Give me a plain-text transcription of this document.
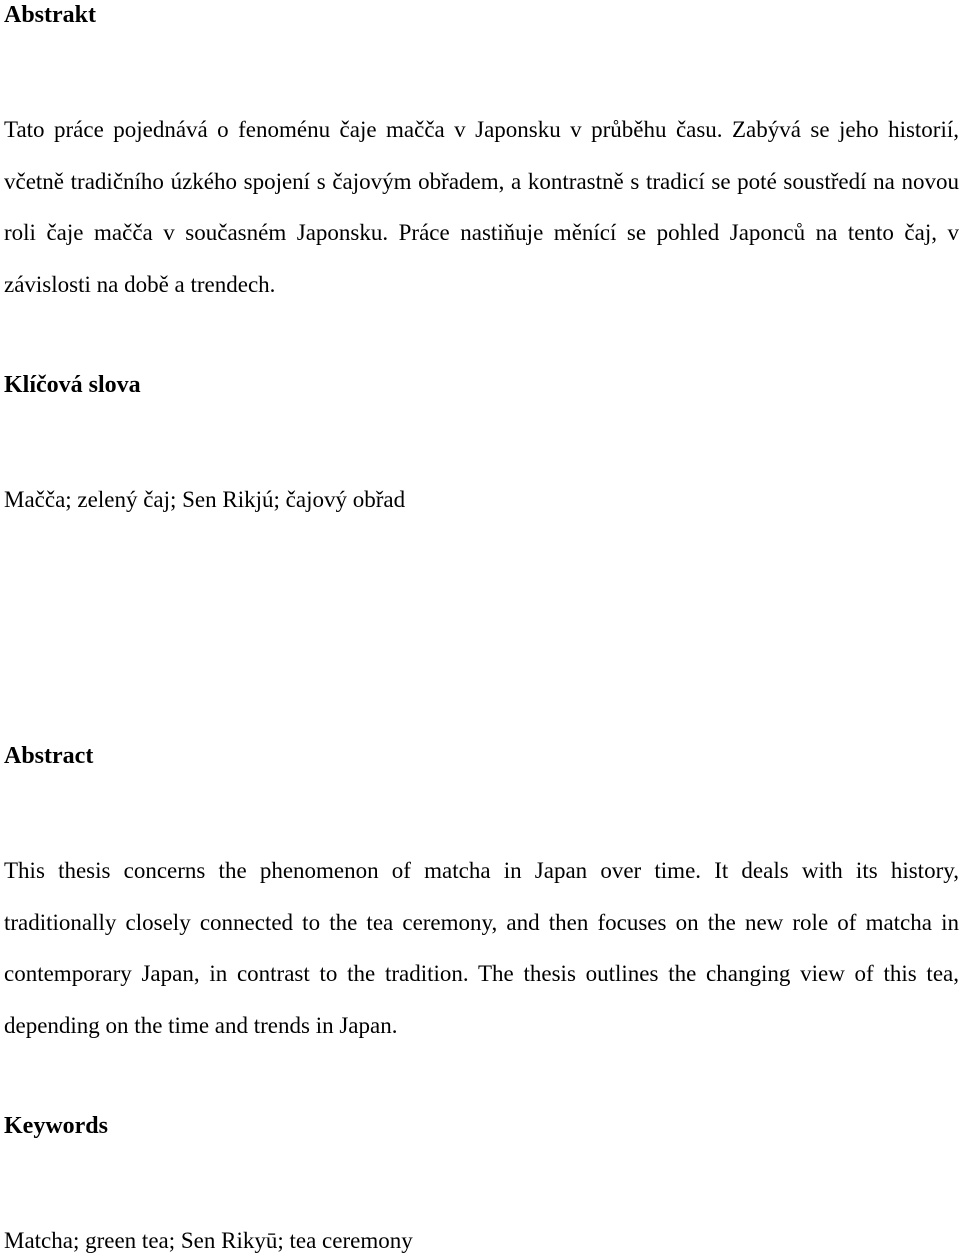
Abstrakt

Tato práce pojednává o fenoménu čaje mačča v Japonsku v průběhu času. Zabývá se jeho historií, včetně tradičního úzkého spojení s čajovým obřadem, a kontrastně s tradicí se poté soustředí na novou roli čaje mačča v současném Japonsku. Práce nastiňuje měnící se pohled Japonců na tento čaj, v závislosti na době a trendech.

Klíčová slova
Mačča; zelený čaj; Sen Rikjú; čajový obřad
Abstract

This thesis concerns the phenomenon of matcha in Japan over time. It deals with its history, traditionally closely connected to the tea ceremony, and then focuses on the new role of matcha in contemporary Japan, in contrast to the tradition. The thesis outlines the changing view of this tea, depending on the time and trends in Japan.

Keywords
Matcha; green tea; Sen Rikyū; tea ceremony
